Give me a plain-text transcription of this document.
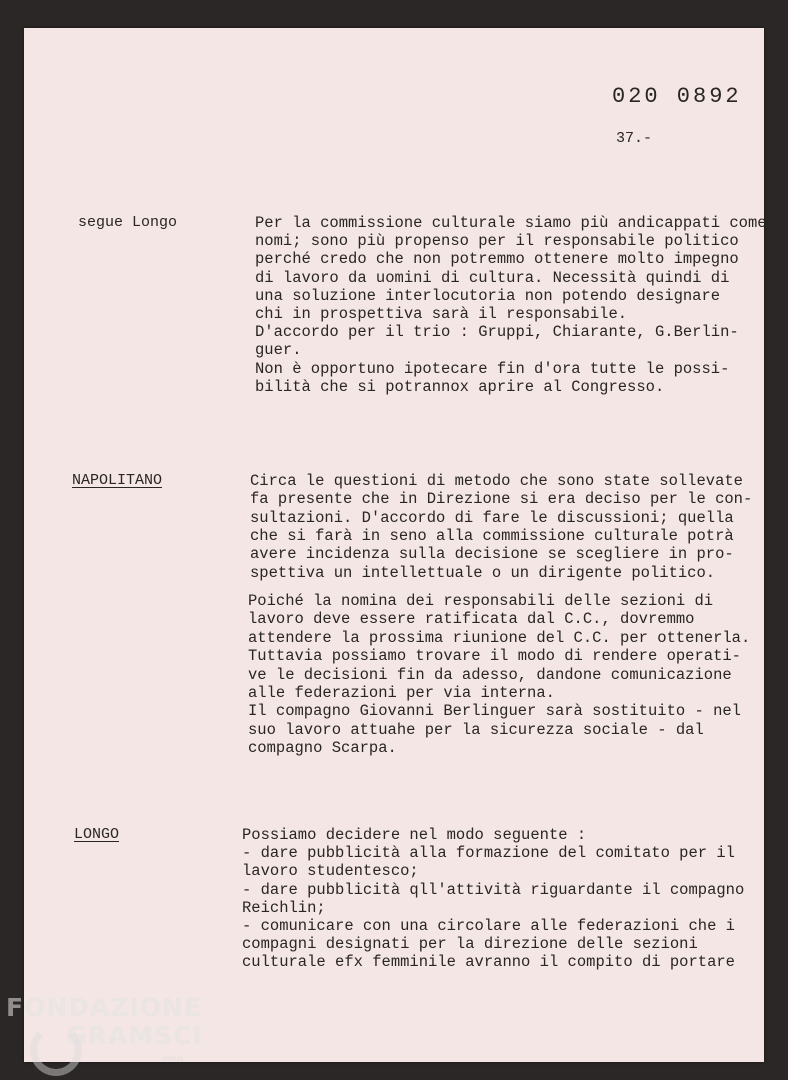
020 0892
37.-
segue Longo	Per la commissione culturale siamo più andicappati come
nomi; sono più propenso per il responsabile politico
perché credo che non potremmo ottenere molto impegno
di lavoro da uomini di cultura. Necessità quindi di
una soluzione interlocutoria non potendo designare
chi in prospettiva sarà il responsabile.
D'accordo per il trio : Gruppi, Chiarante, G.Berlin-
guer.
Non è opportuno ipotecare fin d'ora tutte le possi-
bilità che si potrannox aprire al Congresso.
NAPOLITANO	Circa le questioni di metodo che sono state sollevate
fa presente che in Direzione si era deciso per le con-
sultazioni. D'accordo di fare le discussioni; quella
che si farà in seno alla commissione culturale potrà
avere incidenza sulla decisione se scegliere in pro-
spettiva un intellettuale o un dirigente politico.
Poiché la nomina dei responsabili delle sezioni di
lavoro deve essere ratificata dal C.C., dovremmo
attendere la prossima riunione del C.C. per ottenerla.
Tuttavia possiamo trovare il modo di rendere operati-
ve le decisioni fin da adesso, dandone comunicazione
alle federazioni per via interna.
Il compagno Giovanni Berlinguer sarà sostituito - nel
suo lavoro attuahe per la sicurezza sociale - dal
compagno Scarpa.
LONGO	Possiamo decidere nel modo seguente :
- dare pubblicità alla formazione del comitato per il
lavoro studentesco;
- dare pubblicità qll'attività riguardante il compagno
Reichlin;
- comunicare con una circolare alle federazioni che i
compagni designati per la direzione delle sezioni
culturale efx femminile avranno il compito di portare
FONDAZIONE
GRAMSCI
onlus
